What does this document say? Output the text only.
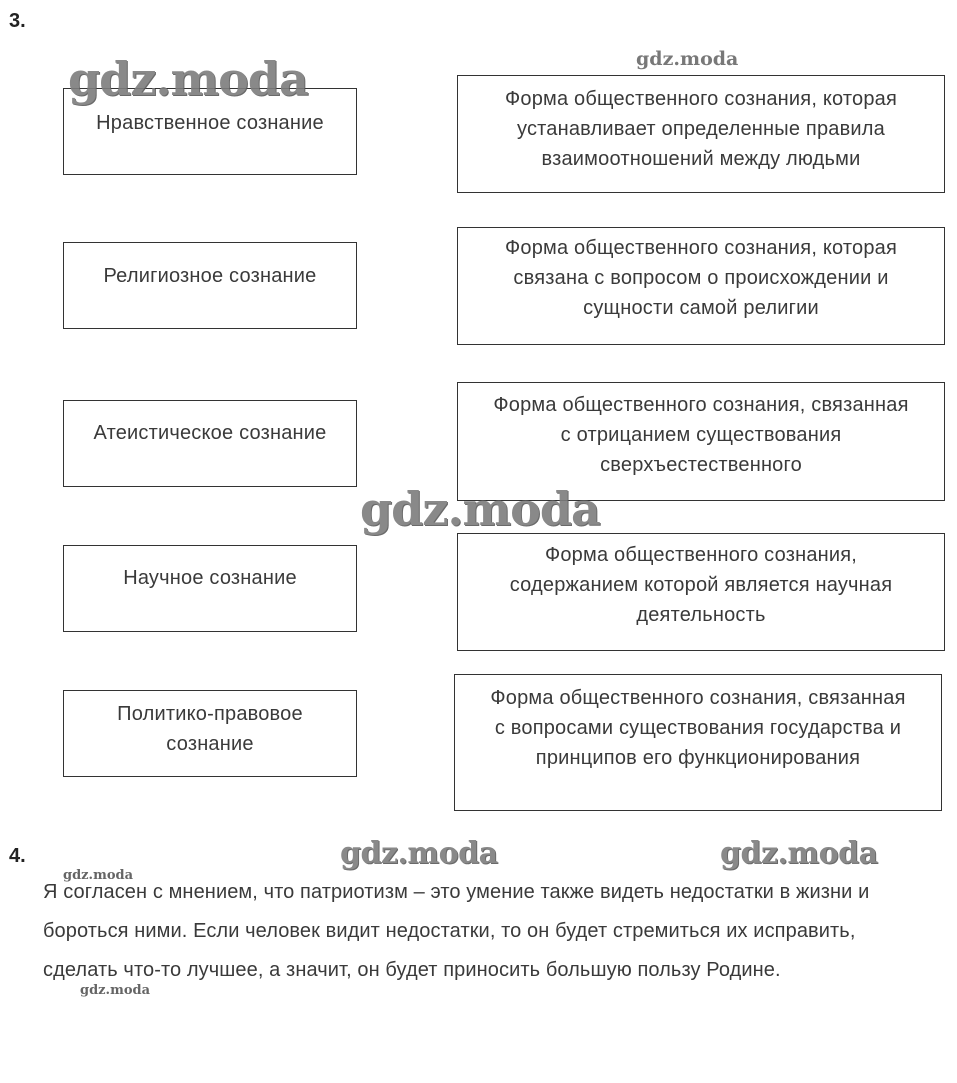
3.
Нравственное сознание
Религиозное сознание
Атеистическое сознание
Научное сознание
Политико-правовое сознание
Форма общественного сознания, которая устанавливает определенные правила взаимоотношений между людьми
Форма общественного сознания, которая связана с вопросом о происхождении и сущности самой религии
Форма общественного сознания, связанная с отрицанием существования сверхъестественного
Форма общественного сознания, содержанием которой является научная деятельность
Форма общественного сознания, связанная с вопросами существования государства и принципов его функционирования
4.
Я согласен с мнением, что патриотизм – это умение также видеть недостатки в жизни и бороться ними. Если человек видит недостатки, то он будет стремиться их исправить, сделать что-то лучшее, а значит, он будет приносить большую пользу Родине.
gdz.moda	gdz.moda
gdz.moda
gdz.moda	gdz.moda
gdz.moda
gdz.moda
